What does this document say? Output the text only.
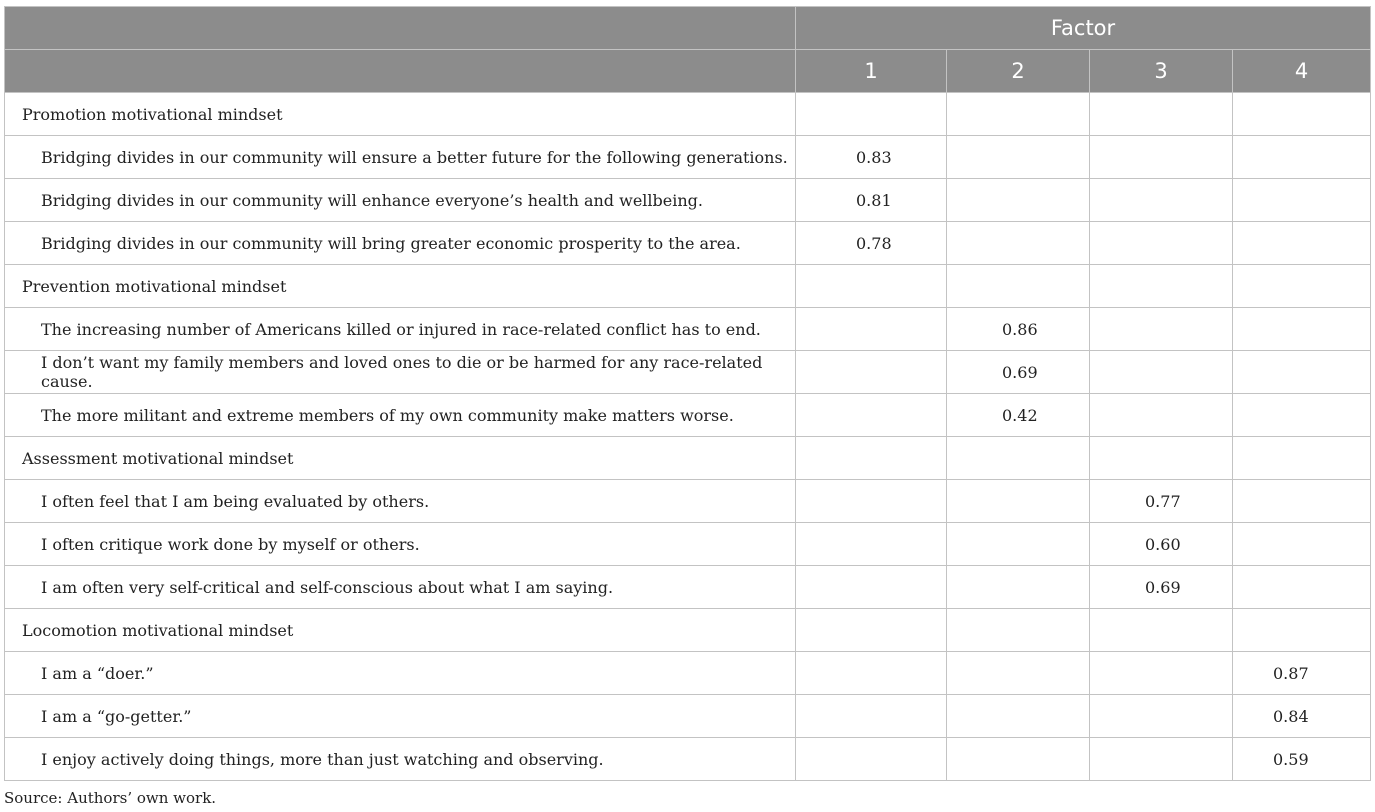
	Factor			
	1	2	3	4
Promotion motivational mindset				
Bridging divides in our community will ensure a better future for the following generations.	0.83			
Bridging divides in our community will enhance everyone’s health and wellbeing.	0.81			
Bridging divides in our community will bring greater economic prosperity to the area.	0.78			
Prevention motivational mindset				
The increasing number of Americans killed or injured in race-related conflict has to end.		0.86		
I don’t want my family members and loved ones to die or be harmed for any race-related cause.		0.69		
The more militant and extreme members of my own community make matters worse.		0.42		
Assessment motivational mindset				
I often feel that I am being evaluated by others.			0.77	
I often critique work done by myself or others.			0.60	
I am often very self-critical and self-conscious about what I am saying.			0.69	
Locomotion motivational mindset				
I am a “doer.”				0.87
I am a “go-getter.”				0.84
I enjoy actively doing things, more than just watching and observing.				0.59
Source: Authors’ own work.
